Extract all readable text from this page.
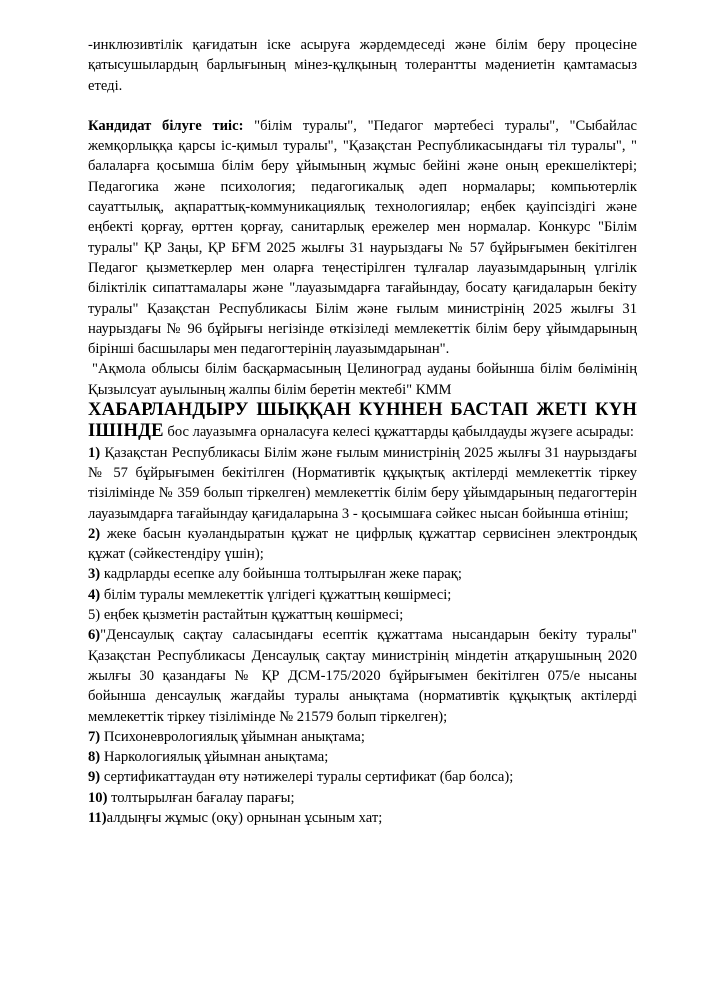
-инклюзивтілік қағидатын іске асыруға жәрдемдеседі және білім беру процесіне қатысушылардың барлығының мінез-құлқының толерантты мәдениетін қамтамасыз етеді.

Кандидат білуге тиіс: "білім туралы", "Педагог мәртебесі туралы", "Сыбайлас жемқорлыққа қарсы іс-қимыл туралы", "Қазақстан Республикасындағы тіл туралы", " балаларға қосымша білім беру ұйымының жұмыс бейіні және оның ерекшеліктері; Педагогика және психология; педагогикалық әдеп нормалары; компьютерлік сауаттылық, ақпараттық-коммуникациялық технологиялар; еңбек қауіпсіздігі және еңбекті қорғау, өрттен қорғау, санитарлық ережелер мен нормалар. Конкурс "Білім туралы" ҚР Заңы, ҚР БҒМ 2025 жылғы 31 наурыздағы № 57 бұйрығымен бекітілген Педагог қызметкерлер мен оларға теңестірілген тұлғалар лауазымдарының үлгілік біліктілік сипаттамалары және "лауазымдарға тағайындау, босату қағидаларын бекіту туралы" Қазақстан Республикасы Білім және ғылым министрінің 2025 жылғы 31 наурыздағы № 96 бұйрығы негізінде өткізіледі мемлекеттік білім беру ұйымдарының бірінші басшылары мен педагогтерінің лауазымдарынан".

"Ақмола облысы білім басқармасының Целиноград ауданы бойынша білім бөлімінің Қызылсуат ауылының жалпы білім беретін мектебі" КММ

ХАБАРЛАНДЫРУ ШЫҚҚАН КҮННЕН БАСТАП ЖЕТІ КҮН ІШІНДЕ бос лауазымға орналасуға келесі құжаттарды қабылдауды жүзеге асырады:

1) Қазақстан Республикасы Білім және ғылым министрінің 2025 жылғы 31 наурыздағы № 57 бұйрығымен бекітілген (Нормативтік құқықтық актілерді мемлекеттік тіркеу тізілімінде № 359 болып тіркелген) мемлекеттік білім беру ұйымдарының педагогтерін лауазымдарға тағайындау қағидаларына 3 - қосымшаға сәйкес нысан бойынша өтініш;

2) жеке басын куәландыратын құжат не цифрлық құжаттар сервисінен электрондық құжат (сәйкестендіру үшін);

3) кадрларды есепке алу бойынша толтырылған жеке парақ;

4) білім туралы мемлекеттік үлгідегі құжаттың көшірмесі;

5) еңбек қызметін растайтын құжаттың көшірмесі;

6)"Денсаулық сақтау саласындағы есептік құжаттама нысандарын бекіту туралы" Қазақстан Республикасы Денсаулық сақтау министрінің міндетін атқарушының 2020 жылғы 30 қазандағы № ҚР ДСМ-175/2020 бұйрығымен бекітілген 075/е нысаны бойынша денсаулық жағдайы туралы анықтама (нормативтік құқықтық актілерді мемлекеттік тіркеу тізілімінде № 21579 болып тіркелген);

7) Психоневрологиялық ұйымнан анықтама;

8) Наркологиялық ұйымнан анықтама;

9) сертификаттаудан өту нәтижелері туралы сертификат (бар болса);

10) толтырылған бағалау парағы;

11)алдыңғы жұмыс (оқу) орнынан ұсыным хат;
